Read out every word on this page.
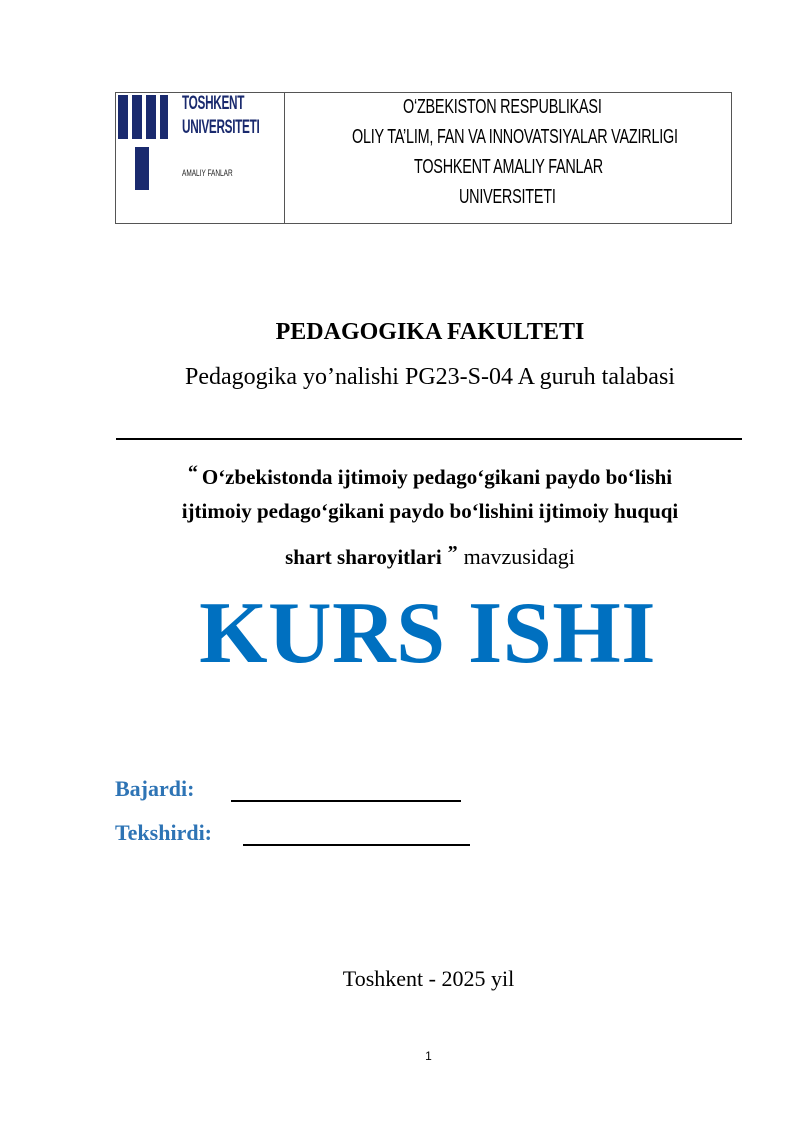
TOSHKENT
UNIVERSITETI
AMALIY FANLAR
O‘ZBEKISTON RESPUBLIKASI
OLIY TA’LIM, FAN VA INNOVATSIYALAR VAZIRLIGI
TOSHKENT AMALIY FANLAR
UNIVERSITETI
PEDAGOGIKA FAKULTETI
Pedagogika yo’nalishi PG23-S-04 A guruh talabasi
“ O‘zbekistonda ijtimoiy pedago‘gikani paydo bo‘lishi
ijtimoiy pedago‘gikani paydo bo‘lishini ijtimoiy huquqi
shart sharoyitlari ” mavzusidagi
KURS ISHI
Bajardi:
Tekshirdi:
Toshkent - 2025 yil
1
